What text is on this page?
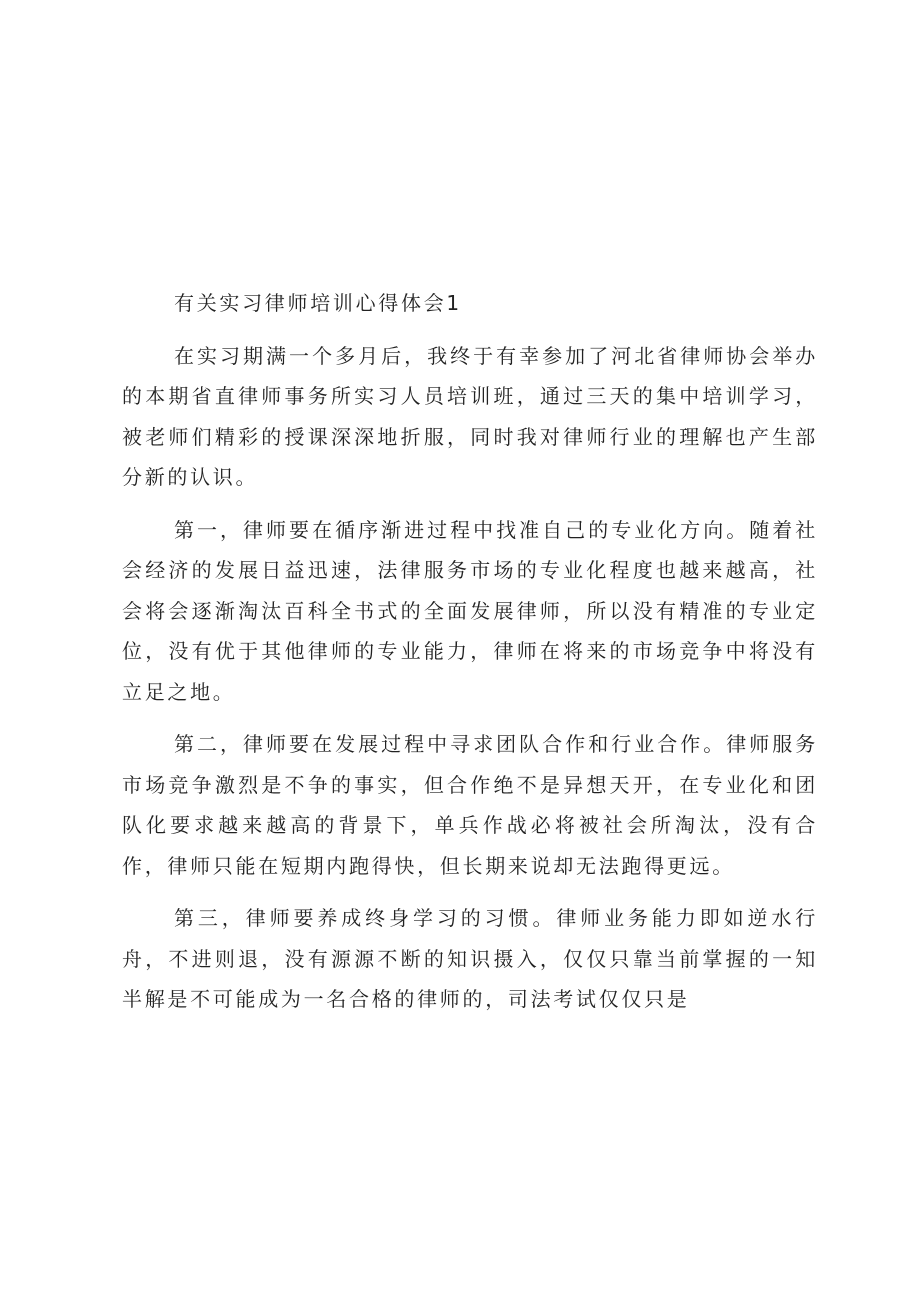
有关实习律师培训心得体会1

在实习期满一个多月后，我终于有幸参加了河北省律师协会举办的本期省直律师事务所实习人员培训班，通过三天的集中培训学习，被老师们精彩的授课深深地折服，同时我对律师行业的理解也产生部分新的认识。

第一，律师要在循序渐进过程中找准自己的专业化方向。随着社会经济的发展日益迅速，法律服务市场的专业化程度也越来越高，社会将会逐渐淘汰百科全书式的全面发展律师，所以没有精准的专业定位，没有优于其他律师的专业能力，律师在将来的市场竞争中将没有立足之地。

第二，律师要在发展过程中寻求团队合作和行业合作。律师服务市场竞争激烈是不争的事实，但合作绝不是异想天开，在专业化和团队化要求越来越高的背景下，单兵作战必将被社会所淘汰，没有合作，律师只能在短期内跑得快，但长期来说却无法跑得更远。

第三，律师要养成终身学习的习惯。律师业务能力即如逆水行舟，不进则退，没有源源不断的知识摄入，仅仅只靠当前掌握的一知半解是不可能成为一名合格的律师的，司法考试仅仅只是
